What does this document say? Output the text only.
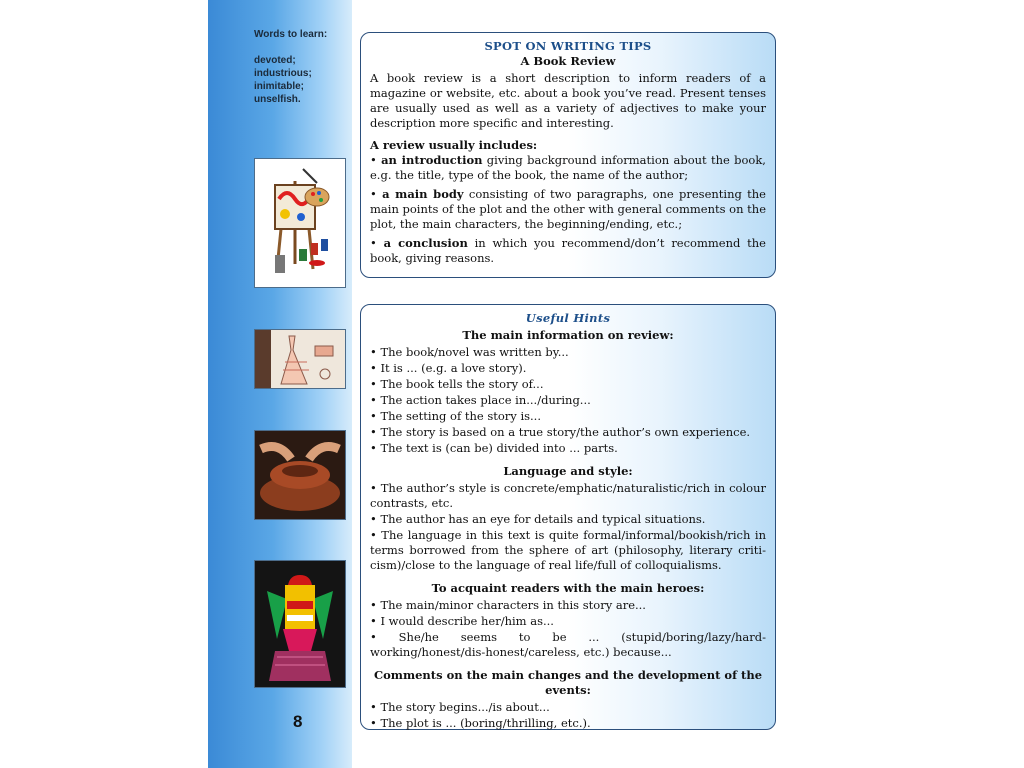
Words to learn:
devoted;
industrious;
inimitable;
unselfish.
8
SPOT ON WRITING TIPS
A Book Review

A book review is a short description to inform readers of a magazine or website, etc. about a book you’ve read. Present tenses are usually used as well as a variety of adjectives to make your description more specific and interesting.

A review usually includes:
• an introduction giving background information about the book, e.g. the title, type of the book, the name of the author;
• a main body consisting of two paragraphs, one presenting the main points of the plot and the other with general comments on the plot, the main characters, the beginning/ending, etc.;
• a conclusion in which you recommend/don’t recommend the book, giving reasons.
Useful Hints
The main information on review:
• The book/novel was written by...
• It is ... (e.g. a love story).
• The book tells the story of...
• The action takes place in.../during...
• The setting of the story is...
• The story is based on a true story/the author’s own experience.
• The text is (can be) divided into ... parts.
Language and style:
• The author’s style is concrete/emphatic/naturalistic/rich in colour contrasts, etc.
• The author has an eye for details and typical situations.
• The language in this text is quite formal/informal/bookish/rich in terms borrowed from the sphere of art (philosophy, literary criti-cism)/close to the language of real life/full of colloquialisms.
To acquaint readers with the main heroes:
• The main/minor characters in this story are...
• I would describe her/him as...
• She/he seems to be ... (stupid/boring/lazy/hard-working/honest/dis-honest/careless, etc.) because...
Comments on the main changes and the development of the events:
• The story begins.../is about...
• The plot is ... (boring/thrilling, etc.).
